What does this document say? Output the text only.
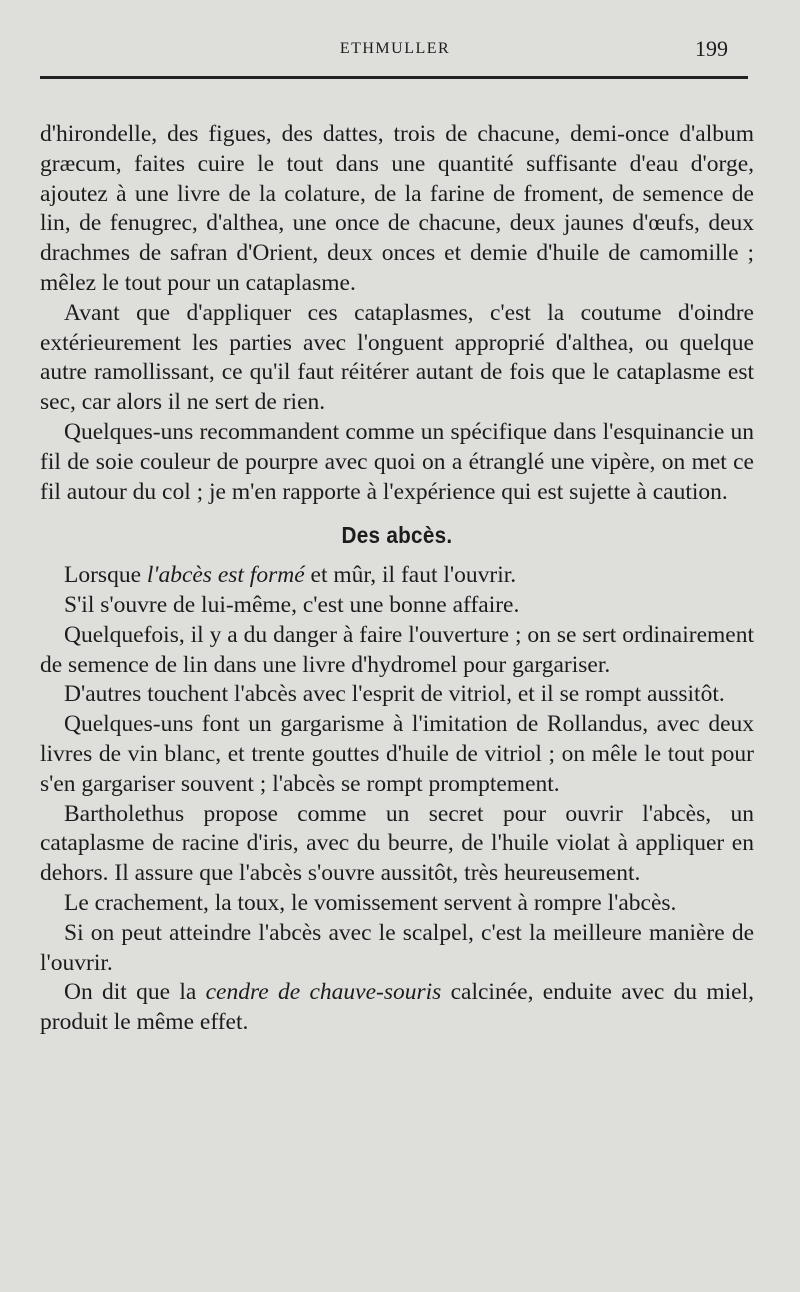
ETHMULLER	199

d'hirondelle, des figues, des dattes, trois de chacune, demi-once d'album græcum, faites cuire le tout dans une quantité suffisante d'eau d'orge, ajoutez à une livre de la colature, de la farine de froment, de semence de lin, de fenugrec, d'althea, une once de chacune, deux jaunes d'œufs, deux drachmes de safran d'Orient, deux onces et demie d'huile de camomille ; mêlez le tout pour un cataplasme.

Avant que d'appliquer ces cataplasmes, c'est la coutume d'oindre extérieurement les parties avec l'onguent approprié d'althea, ou quelque autre ramollissant, ce qu'il faut réitérer autant de fois que le cataplasme est sec, car alors il ne sert de rien.

Quelques-uns recommandent comme un spécifique dans l'esquinancie un fil de soie couleur de pourpre avec quoi on a étranglé une vipère, on met ce fil autour du col ; je m'en rapporte à l'expérience qui est sujette à caution.

Des abcès.

Lorsque l'abcès est formé et mûr, il faut l'ouvrir.

S'il s'ouvre de lui-même, c'est une bonne affaire.

Quelquefois, il y a du danger à faire l'ouverture ; on se sert ordinairement de semence de lin dans une livre d'hydromel pour gargariser.

D'autres touchent l'abcès avec l'esprit de vitriol, et il se rompt aussitôt.

Quelques-uns font un gargarisme à l'imitation de Rollandus, avec deux livres de vin blanc, et trente gouttes d'huile de vitriol ; on mêle le tout pour s'en gargariser souvent ; l'abcès se rompt promptement.

Bartholethus propose comme un secret pour ouvrir l'abcès, un cataplasme de racine d'iris, avec du beurre, de l'huile violat à appliquer en dehors. Il assure que l'abcès s'ouvre aussitôt, très heureusement.

Le crachement, la toux, le vomissement servent à rompre l'abcès.

Si on peut atteindre l'abcès avec le scalpel, c'est la meilleure manière de l'ouvrir.

On dit que la cendre de chauve-souris calcinée, enduite avec du miel, produit le même effet.
